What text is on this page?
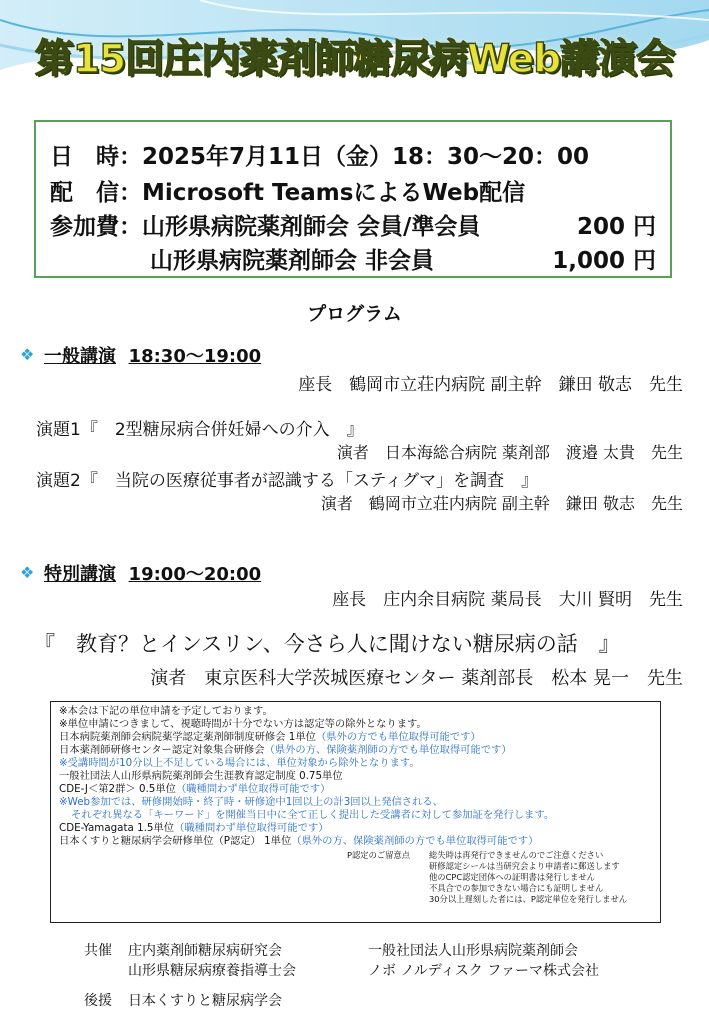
第15回庄内薬剤師糖尿病Web講演会
日　時：2025年7月11日（金）18：30～20：00
配　信：Microsoft TeamsによるWeb配信
参加費：山形県病院薬剤師会 会員/準会員	200 円
山形県病院薬剤師会 非会員	1,000 円
プログラム
❖ 一般講演 18:30～19:00
座長　鶴岡市立荘内病院 副主幹　鎌田 敬志　先生
演題1『　2型糖尿病合併妊婦への介入　』
演者　日本海総合病院 薬剤部　渡邉 太貴　先生
演題2『　当院の医療従事者が認識する「スティグマ」を調査　』
演者　鶴岡市立荘内病院 副主幹　鎌田 敬志　先生
❖ 特別講演 19:00～20:00
座長　庄内余目病院 薬局長　大川 賢明　先生
『　教育？とインスリン、今さら人に聞けない糖尿病の話　』
演者　東京医科大学茨城医療センター 薬剤部長　松本 晃一　先生
※本会は下記の単位申請を予定しております。
※単位申請につきまして、視聴時間が十分でない方は認定等の除外となります。
日本病院薬剤師会病院薬学認定薬剤師制度研修会 1単位（県外の方でも単位取得可能です）
日本薬剤師研修センター認定対象集合研修会（県外の方、保険薬剤師の方でも単位取得可能です）
※受講時間が10分以上不足している場合には、単位対象から除外となります。
一般社団法人山形県病院薬剤師会生涯教育認定制度 0.75単位
CDE-J＜第2群＞ 0.5単位（職種問わず単位取得可能です）
※Web参加では、研修開始時・終了時・研修途中1回以上の計3回以上発信される、
それぞれ異なる「キーワード」を開催当日中に全て正しく提出した受講者に対して参加証を発行します。
CDE-Yamagata 1.5単位（職種問わず単位取得可能です）
日本くすりと糖尿病学会研修単位（P認定） 1単位（県外の方、保険薬剤師の方でも単位取得可能です）
P認定のご留意点 総失時は再発行できませんのでご注意ください
研修認定シールは当研究会より申請者に郵送します
他のCPC認定団体への証明書は発行しません
不具合での参加できない場合にも証明しません
30分以上遅刻した者には、P認定単位を発行しません
共催 庄内薬剤師糖尿病研究会
山形県糖尿病療養指導士会
一般社団法人山形県病院薬剤師会
ノボ ノルディスク ファーマ株式会社
後援 日本くすりと糖尿病学会
